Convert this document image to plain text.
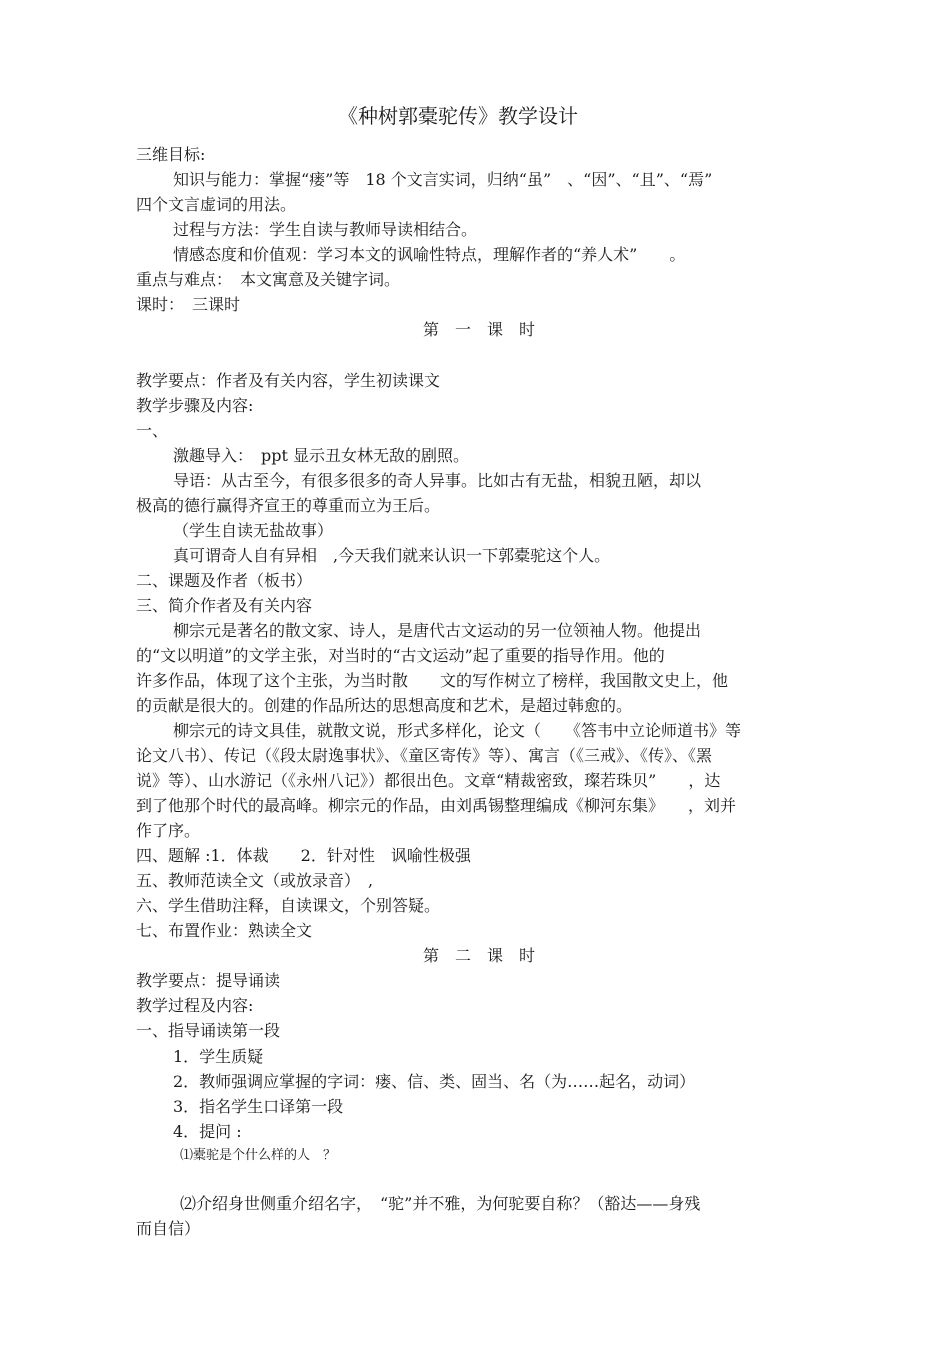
《种树郭橐驼传》教学设计
三维目标:
知识与能力：掌握“瘘”等　18 个文言实词，归纳“虽”　、“因”、“且”、“焉”
四个文言虚词的用法。
过程与方法：学生自读与教师导读相结合。
情感态度和价值观：学习本文的讽喻性特点，理解作者的“养人术”　　。
重点与难点：　本文寓意及关键字词。
课时：　三课时
第　一　课　时
教学要点：作者及有关内容，学生初读课文
教学步骤及内容:
一、
激趣导入：　ppt 显示丑女林无敌的剧照。
导语：从古至今，有很多很多的奇人异事。比如古有无盐，相貌丑陋，却以
极高的德行赢得齐宣王的尊重而立为王后。
（学生自读无盐故事）
真可谓奇人自有异相　,今天我们就来认识一下郭橐驼这个人。
二、课题及作者（板书）
三、简介作者及有关内容
柳宗元是著名的散文家、诗人，是唐代古文运动的另一位领袖人物。他提出
的“文以明道”的文学主张，对当时的“古文运动”起了重要的指导作用。他的
许多作品，体现了这个主张，为当时散　　文的写作树立了榜样，我国散文史上，他
的贡献是很大的。创建的作品所达的思想高度和艺术，是超过韩愈的。
柳宗元的诗文具佳，就散文说，形式多样化，论文（　　《答韦中立论师道书》等
论文八书）、传记（《段太尉逸事状》、《童区寄传》等）、寓言（《三戒》、《传》、《罴
说》等）、山水游记（《永州八记》）都很出色。文章“精裁密致，璨若珠贝”　　，达
到了他那个时代的最高峰。柳宗元的作品，由刘禹锡整理编成《柳河东集》　　，刘并
作了序。
四、题解 :1．体裁　　2．针对性　讽喻性极强
五、教师范读全文（或放录音）　,
六、学生借助注释，自读课文，个别答疑。
七、布置作业：熟读全文
第　二　课　时
教学要点：提导诵读
教学过程及内容:
一、指导诵读第一段
1．学生质疑
2．教师强调应掌握的字词：瘘、信、类、固当、名（为……起名，动词）
3．指名学生口译第一段
4．提问 :
⑴橐驼是个什么样的人　？
⑵介绍身世侧重介绍名字，　“驼”并不雅，为何驼要自称？（豁达——身残
而自信）
